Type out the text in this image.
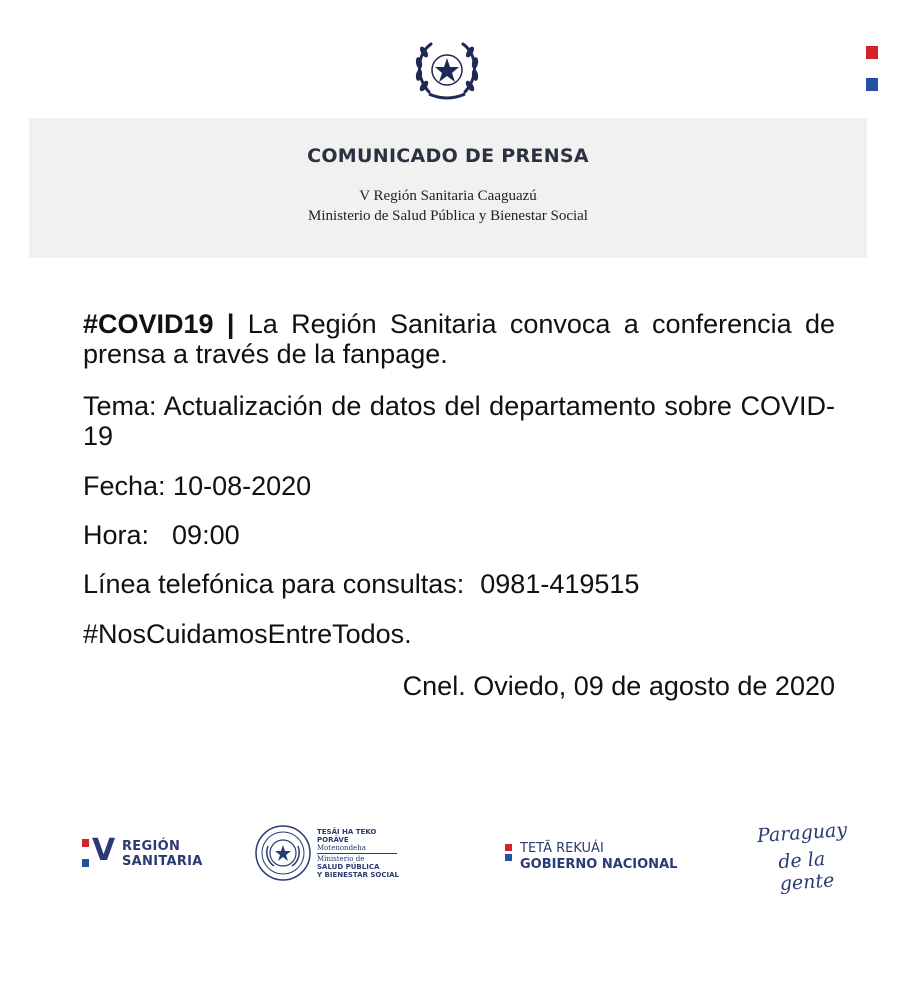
COMUNICADO DE PRENSA
V Región Sanitaria Caaguazú
Ministerio de Salud Pública y Bienestar Social
#COVID19 | La Región Sanitaria convoca a conferencia de prensa a través de la fanpage.
Tema: Actualización de datos del departamento sobre COVID-19
Fecha: 10-08-2020
Hora: 09:00
Línea telefónica para consultas: 0981-419515
#NosCuidamosEntreTodos.
Cnel. Oviedo, 09 de agosto de 2020
V REGIÓN
SANITARIA
TESÃI HA TEKO
PORÃVE
Motenondeha
Ministerio de
SALUD PÚBLICA
Y BIENESTAR SOCIAL
TETÃ REKUÁI
GOBIERNO NACIONAL
Paraguay
de la gente
